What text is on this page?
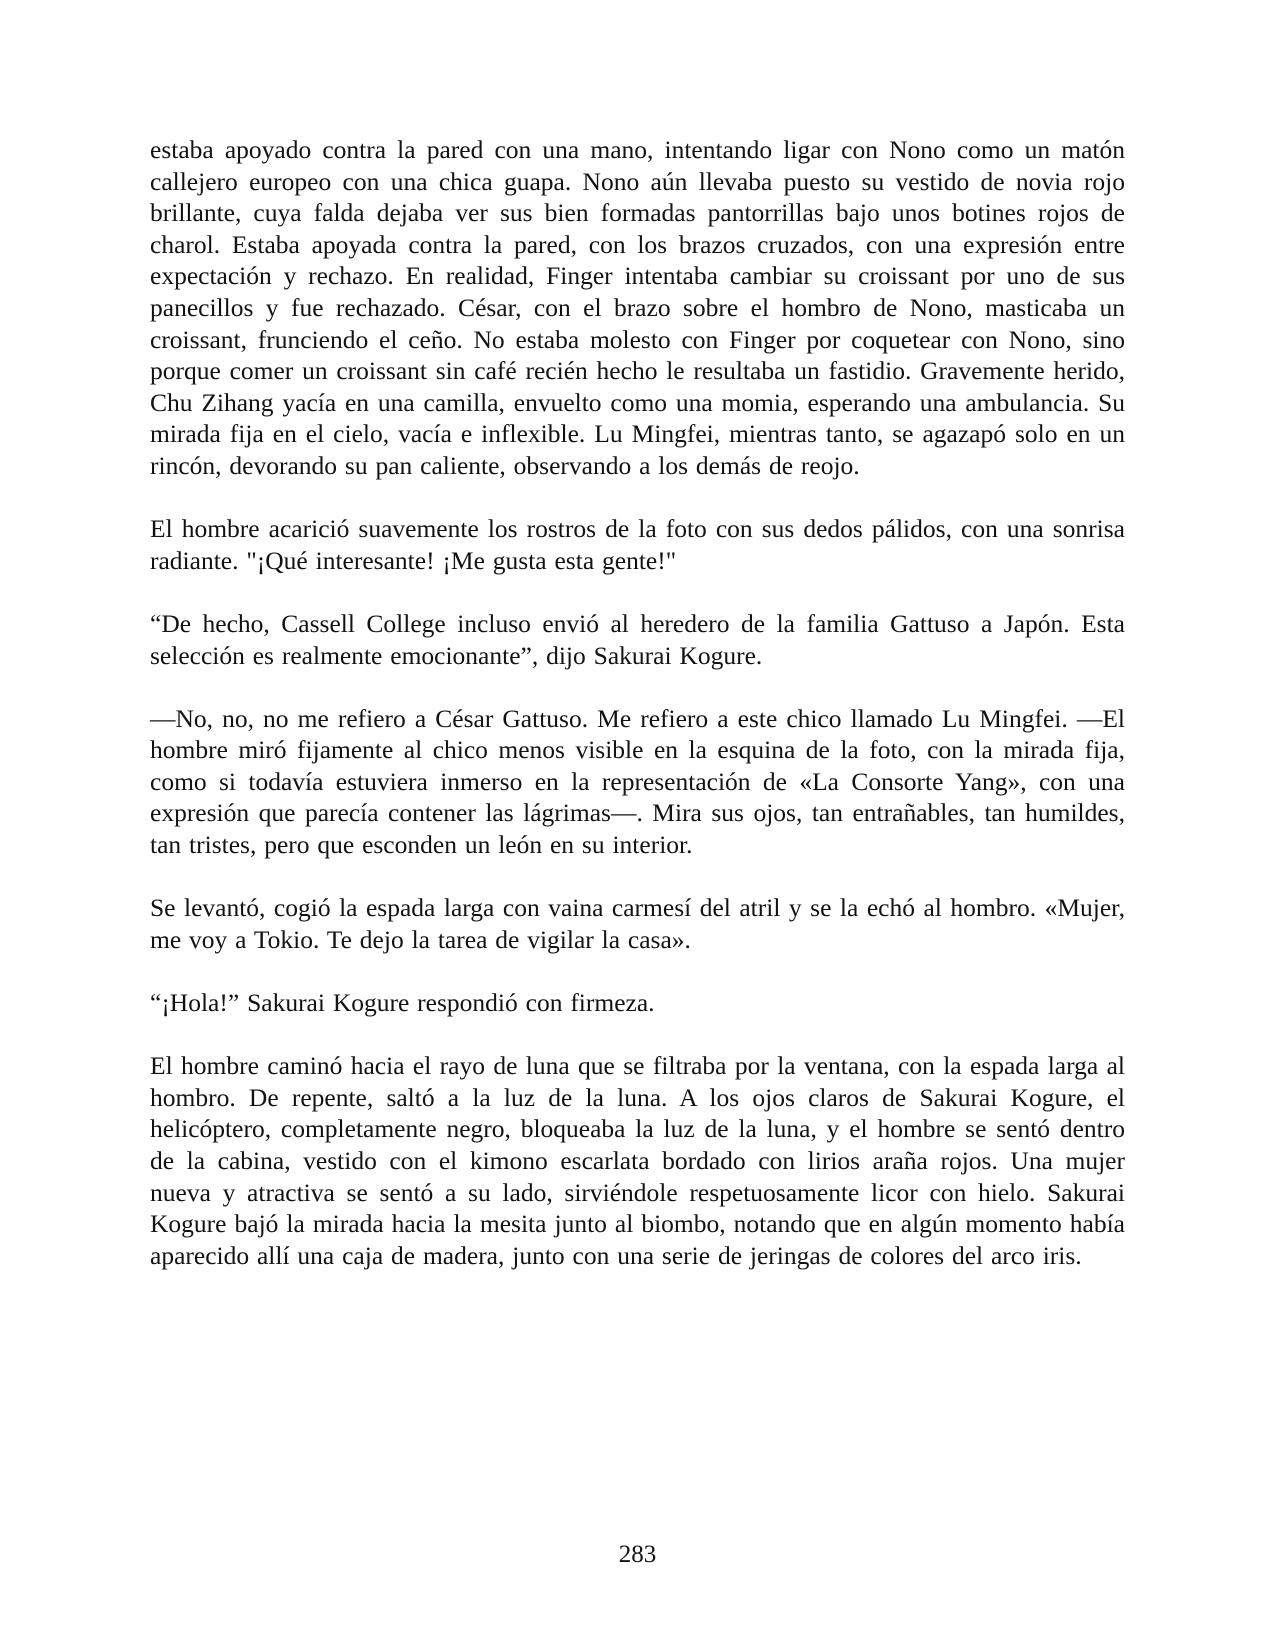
estaba apoyado contra la pared con una mano, intentando ligar con Nono como un matón callejero europeo con una chica guapa. Nono aún llevaba puesto su vestido de novia rojo brillante, cuya falda dejaba ver sus bien formadas pantorrillas bajo unos botines rojos de charol. Estaba apoyada contra la pared, con los brazos cruzados, con una expresión entre expectación y rechazo. En realidad, Finger intentaba cambiar su croissant por uno de sus panecillos y fue rechazado. César, con el brazo sobre el hombro de Nono, masticaba un croissant, frunciendo el ceño. No estaba molesto con Finger por coquetear con Nono, sino porque comer un croissant sin café recién hecho le resultaba un fastidio. Gravemente herido, Chu Zihang yacía en una camilla, envuelto como una momia, esperando una ambulancia. Su mirada fija en el cielo, vacía e inflexible. Lu Mingfei, mientras tanto, se agazapó solo en un rincón, devorando su pan caliente, observando a los demás de reojo.

El hombre acarició suavemente los rostros de la foto con sus dedos pálidos, con una sonrisa radiante. "¡Qué interesante! ¡Me gusta esta gente!"

“De hecho, Cassell College incluso envió al heredero de la familia Gattuso a Japón. Esta selección es realmente emocionante”, dijo Sakurai Kogure.

—No, no, no me refiero a César Gattuso. Me refiero a este chico llamado Lu Mingfei. —El hombre miró fijamente al chico menos visible en la esquina de la foto, con la mirada fija, como si todavía estuviera inmerso en la representación de «La Consorte Yang», con una expresión que parecía contener las lágrimas—. Mira sus ojos, tan entrañables, tan humildes, tan tristes, pero que esconden un león en su interior.

Se levantó, cogió la espada larga con vaina carmesí del atril y se la echó al hombro. «Mujer, me voy a Tokio. Te dejo la tarea de vigilar la casa».

“¡Hola!” Sakurai Kogure respondió con firmeza.

El hombre caminó hacia el rayo de luna que se filtraba por la ventana, con la espada larga al hombro. De repente, saltó a la luz de la luna. A los ojos claros de Sakurai Kogure, el helicóptero, completamente negro, bloqueaba la luz de la luna, y el hombre se sentó dentro de la cabina, vestido con el kimono escarlata bordado con lirios araña rojos. Una mujer nueva y atractiva se sentó a su lado, sirviéndole respetuosamente licor con hielo. Sakurai Kogure bajó la mirada hacia la mesita junto al biombo, notando que en algún momento había aparecido allí una caja de madera, junto con una serie de jeringas de colores del arco iris.

283
